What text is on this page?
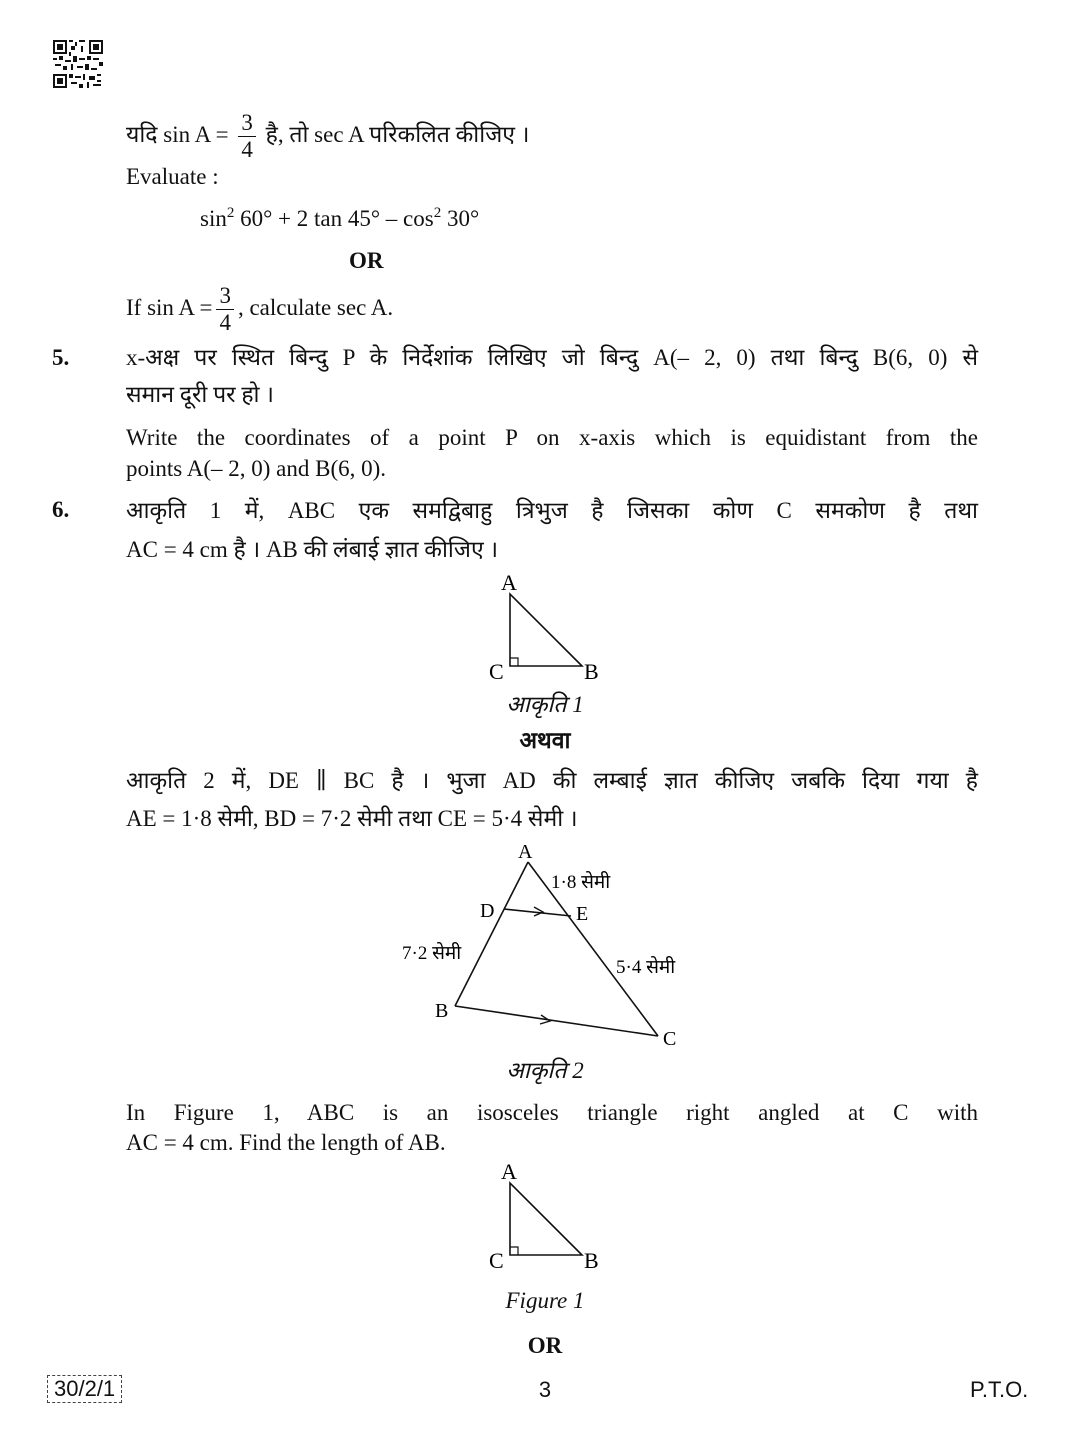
यदि $\sin A = \frac{3}{4}$ है, तो sec A परिकलित कीजिए ।
Evaluate :
$\sin^2 60^\circ + 2$ $\tan 45^\circ - \cos^2 30^\circ$
OR
If $\sin A = \frac{3}{4}$ , calculate sec A.
5. x-अक्ष पर स्थित बिन्दु P के निर्देशांक लिखिए जो बिन्दु A(– 2, 0) तथा बिन्दु B(6, 0) से
समान दूरी पर हो ।
Write the coordinates of a point P on x-axis which is equidistant from the
points A(– 2, 0) and B(6, 0).
6. आकृति 1 में, ABC एक समद्विबाहु त्रिभुज है जिसका कोण C समकोण है तथा
AC = 4 cm है । AB की लंबाई ज्ञात कीजिए ।
A
C	B
आकृति 1
अथवा
आकृति 2 में, DE ∥ BC है । भुजा AD की लम्बाई ज्ञात कीजिए जबकि दिया गया है
AE = 1·8 सेमी, BD = 7·2 सेमी तथा CE = 5·4 सेमी ।
A
D	E
B
C
1·8 सेमी
7·2 सेमी
5·4 सेमी
आकृति 2
In Figure 1, ABC is an isosceles triangle right angled at C with
AC = 4 cm. Find the length of AB.
A
C	B
Figure 1
OR
30/2/1	3	P.T.O.
